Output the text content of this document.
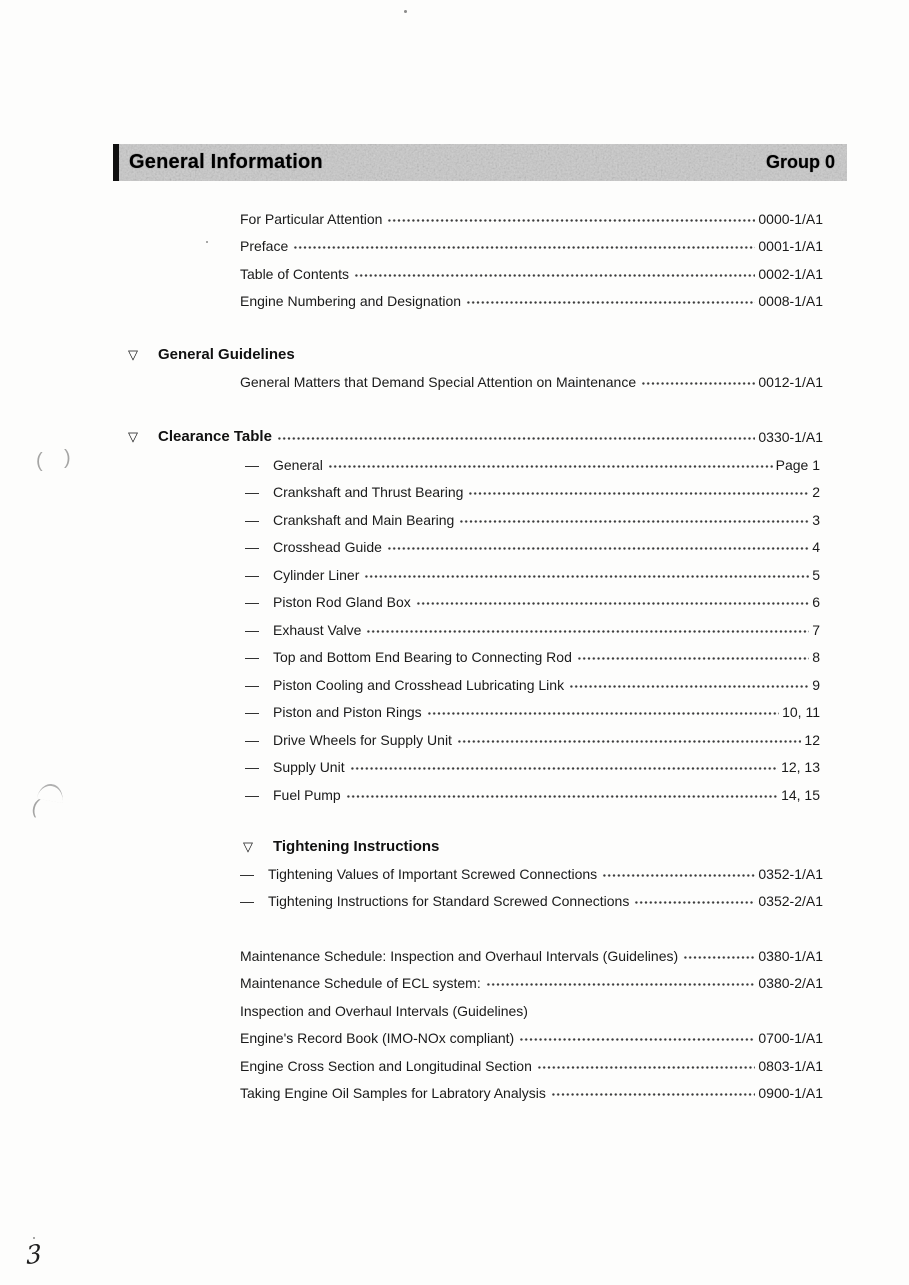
General Information	Group 0
For Particular Attention	0000-1/A1
Preface	0001-1/A1
Table of Contents	0002-1/A1
Engine Numbering and Designation	0008-1/A1
▽	General Guidelines
General Matters that Demand Special Attention on Maintenance	0012-1/A1
▽	Clearance Table	0330-1/A1
—	General	Page 1
—	Crankshaft and Thrust Bearing	2
—	Crankshaft and Main Bearing	3
—	Crosshead Guide	4
—	Cylinder Liner	5
—	Piston Rod Gland Box	6
—	Exhaust Valve	7
—	Top and Bottom End Bearing to Connecting Rod	8
—	Piston Cooling and Crosshead Lubricating Link	9
—	Piston and Piston Rings	10, 11
—	Drive Wheels for Supply Unit	12
—	Supply Unit	12, 13
—	Fuel Pump	14, 15
▽	Tightening Instructions
—	Tightening Values of Important Screwed Connections	0352-1/A1
—	Tightening Instructions for Standard Screwed Connections	0352-2/A1
Maintenance Schedule: Inspection and Overhaul Intervals (Guidelines)	0380-1/A1
Maintenance Schedule of ECL system:	0380-2/A1
Inspection and Overhaul Intervals (Guidelines)
Engine's Record Book (IMO-NOx compliant)	0700-1/A1
Engine Cross Section and Longitudinal Section	0803-1/A1
Taking Engine Oil Samples for Labratory Analysis	0900-1/A1
3
( )
(
